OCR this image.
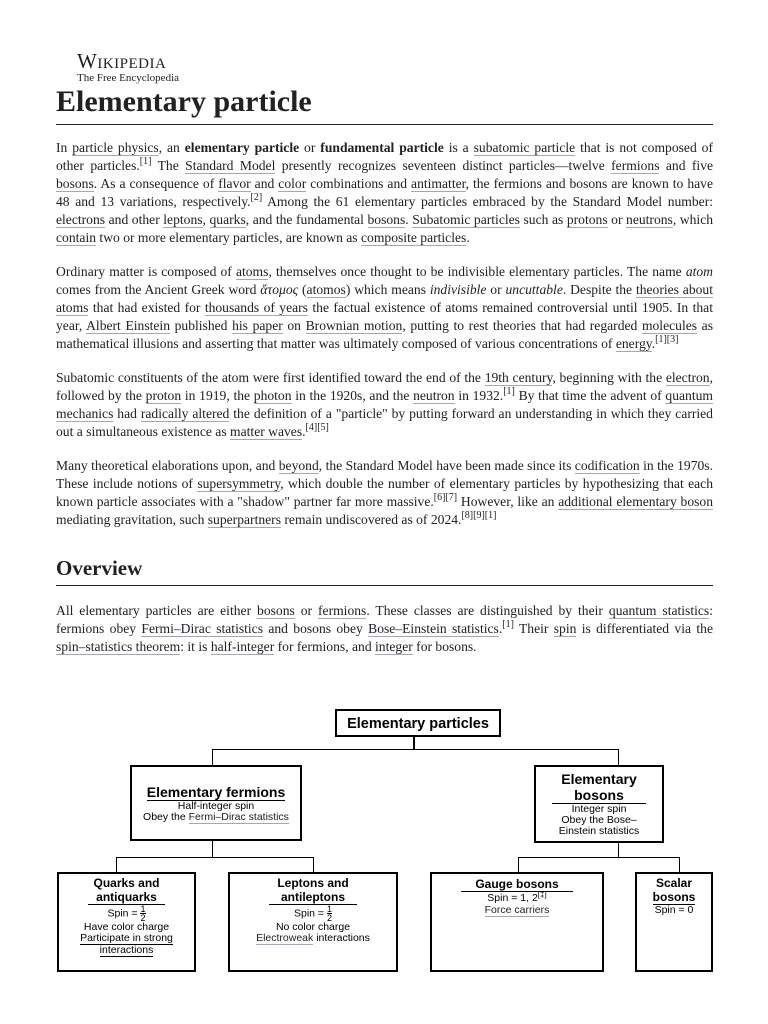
Wikipedia
The Free Encyclopedia
Elementary particle

In particle physics, an elementary particle or fundamental particle is a subatomic particle that is not composed of other particles.[1] The Standard Model presently recognizes seventeen distinct particles—twelve fermions and five bosons. As a consequence of flavor and color combinations and antimatter, the fermions and bosons are known to have 48 and 13 variations, respectively.[2] Among the 61 elementary particles embraced by the Standard Model number: electrons and other leptons, quarks, and the fundamental bosons. Subatomic particles such as protons or neutrons, which contain two or more elementary particles, are known as composite particles.

Ordinary matter is composed of atoms, themselves once thought to be indivisible elementary particles. The name atom comes from the Ancient Greek word ἄτομος (atomos) which means indivisible or uncuttable. Despite the theories about atoms that had existed for thousands of years the factual existence of atoms remained controversial until 1905. In that year, Albert Einstein published his paper on Brownian motion, putting to rest theories that had regarded molecules as mathematical illusions and asserting that matter was ultimately composed of various concentrations of energy.[1][3]

Subatomic constituents of the atom were first identified toward the end of the 19th century, beginning with the electron, followed by the proton in 1919, the photon in the 1920s, and the neutron in 1932.[1] By that time the advent of quantum mechanics had radically altered the definition of a "particle" by putting forward an understanding in which they carried out a simultaneous existence as matter waves.[4][5]

Many theoretical elaborations upon, and beyond, the Standard Model have been made since its codification in the 1970s. These include notions of supersymmetry, which double the number of elementary particles by hypothesizing that each known particle associates with a "shadow" partner far more massive.[6][7] However, like an additional elementary boson mediating gravitation, such superpartners remain undiscovered as of 2024.[8][9][1]

Overview

All elementary particles are either bosons or fermions. These classes are distinguished by their quantum statistics: fermions obey Fermi–Dirac statistics and bosons obey Bose–Einstein statistics.[1] Their spin is differentiated via the spin–statistics theorem: it is half-integer for fermions, and integer for bosons.

Elementary particles
Elementary fermions
Half-integer spin
Obey the Fermi–Dirac statistics
Elementary
bosons
Integer spin
Obey the Bose–
Einstein statistics
Quarks and
antiquarks
Spin = $\frac{1}{2}$
Have color charge
Participate in strong
interactions
Leptons and
antileptons
Spin = $\frac{1}{2}$
No color charge
Electroweak interactions
Gauge bosons
Spin = 1, 2[‡]
Force carriers
Scalar
bosons
Spin = 0
